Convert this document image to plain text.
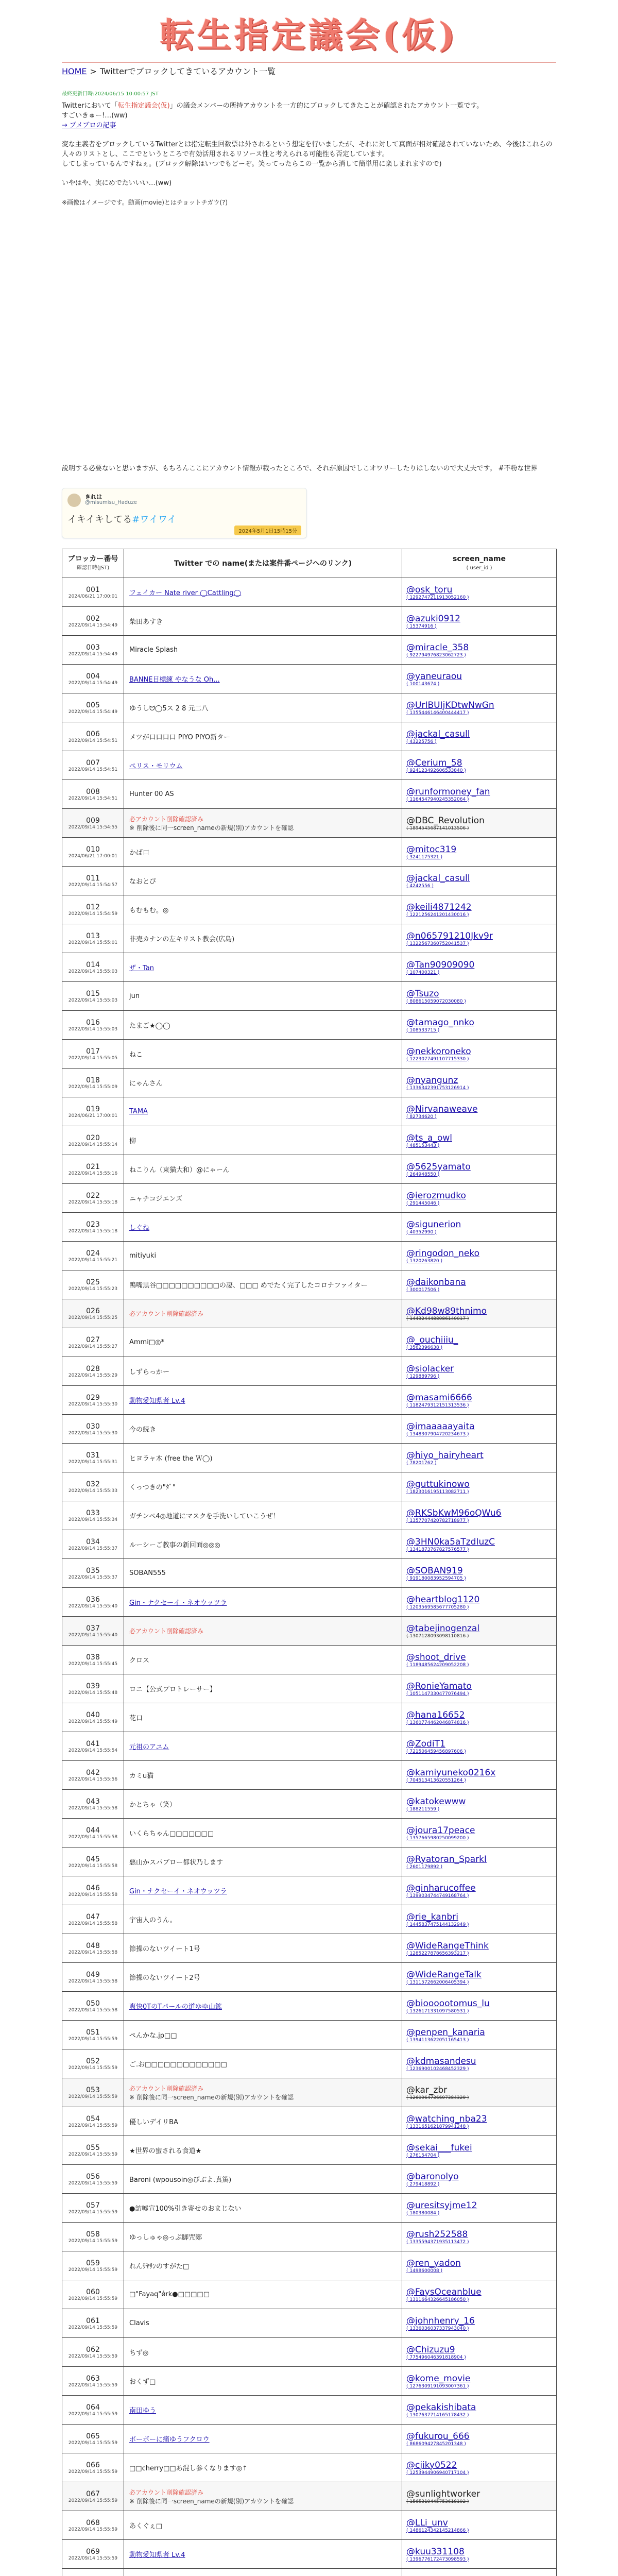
転生指定議会(仮)
HOME > Twitterでブロックしてきているアカウント一覧
最終更新日時:2024/06/15 10:00:57 JST

Twitterにおいて「転生指定議会(仮)」の議会メンバーの所持アカウントを一方的にブロックしてきたことが確認されたアカウント一覧です。

すごいきゅー!…(ww)

→ ブメブロの記事

変な主義者をブロックしているTwitterとは指定転生回数票は外されるという想定を行いましたが、それに対して真面が相対確認されていないため、今後はこれらの人々のリストとし、ここでというところで有効活用されるリソース性と考えられる可能性も否定しています。

してしまっているんですねぇ。(ブロック解除はいつでもどーぞ。笑ってったらこの一覧から消して簡単用に楽しまれますので)

いやはや、実にめでたいいい…(ww)

※画像はイメージです。動画(movie)とはチョットチガウ(?)
説明する必要ないと思いますが、もちろんここにアカウント情報が載ったところで、それが原因でしこオワリーしたりはしないので大丈夫です。 #不粉な世界
きれは
@misumisu_Haduze
イキイキしてる#ワイワイ
2024年5月1日15時15分
ブロッカー番号
確認日時(JST)	Twitter での name(または案件番ページへのリンク)	screen_name
( user_id )

001
2024/06/21 17:00:01	フェイカー Nate river ◯Cattling◯	@osk_toru
( 1292747211913052160 )

002
2022/09/14 15:54:49	柴田あすき	@azuki0912
( 15374916 )

003
2022/09/14 15:54:49	Miracle Splash	@miracle_358
( 922794976823062723 )

004
2022/09/14 15:54:49	BANNE目標練 やなうな Oh...	@yaneuraou
( 100143674 )

005
2022/09/14 15:54:49	ゆうしᗢ◯5ス 2 8 元二八	@UrIBUIjKDtwNwGn
( 1355446146400444417 )

006
2022/09/14 15:54:51	メツが口口口口 PIYO PIYO新ター	@jackal_casull
( 43225756 )

007
2022/09/14 15:54:51	ぺリス・モリウム	@Cerium_58
( 924123492606533840 )

008
2022/09/14 15:54:51	Hunter 00 AS	@runformoney_fan
( 1164547940245352064 )

009
2022/09/14 15:54:55	必アカウント削除確認済み
※ 削除後に同一screen_nameの新規(別)アカウントを確認	@DBC_Revolution
( 1894545687141013506 )

010
2024/06/21 17:00:01	かば口	@mitoc319
( 3241175321 )

011
2022/09/14 15:54:57	なおとぴ	@jackal_casull
( 4242556 )

012
2022/09/14 15:54:59	もむもむ。◎	@keili4871242
( 1221256241201430016 )

013
2022/09/14 15:55:01	非売カナンの左キリスト教会(広島)	@n065791210Jkv9r
( 1322567360752041537 )

014
2022/09/14 15:55:03	ザ・Tan	@Tan90909090
( 107400321 )

015
2022/09/14 15:55:03	jun	@Tsuzo
( 808615059072030080 )

016
2022/09/14 15:55:03	たまご★◯◯	@tamago_nnko
( 108533715 )

017
2022/09/14 15:55:05	ねこ	@nekkoroneko
( 1223077491107715330 )

018
2022/09/14 15:55:09	にゃんさん	@nyangunz
( 1336342391753126914 )

019
2024/06/21 17:00:01	TAMA	@Nirvanaweave
( 82734620 )

020
2022/09/14 15:55:14	柳	@ts_a_owl
( 485153443 )

021
2022/09/14 15:55:16	ねこりん（東猫大和）@にゃーん	@5625yamato
( 264948550 )

022
2022/09/14 15:55:18	ニャチコジエンズ	@ierozmudko
( 291445046 )

023
2022/09/14 15:55:18	しぐね	@sigunerion
( 40352990 )

024
2022/09/14 15:55:21	mitiyuki	@ringodon_neko
( 1320263820 )

025
2022/09/14 15:55:23	鴨嘴黒谷□□□□□□□□□□の凄、□□□ めでたく完了したコロナファイター	@daikonbana
( 300017506 )

026
2022/09/14 15:55:25	必アカウント削除確認済み	@Kd98w89thnimo
( 1443244488086140017 )

027
2022/09/14 15:55:27	Ammi□◎*	@_ouchiiiu_
( 3562396638 )

028
2022/09/14 15:55:29	しずらっかー	@siolacker
( 129889796 )

029
2022/09/14 15:55:30	動物愛知県者 Lv.4	@masami6666
( 1182479312151313536 )

030
2022/09/14 15:55:30	今の続き	@imaaaaayaita
( 1348307904720234673 )

031
2022/09/14 15:55:31	ヒヨラャ木 (free the Ｗ◯)	@hiyo_hairyheart
( 78201762 )

032
2022/09/14 15:55:33	くっつきの"ﾀﾞ"	@guttukinowo
( 1823016195113082711 )

033
2022/09/14 15:55:34	ガチンペ4◎地道にマスクを手洗いしていこうぜ！	@RKSbKwM96oQWu6
( 1357707420782718977 )

034
2022/09/14 15:55:37	ルーシーご教事の新回面◎◎◎	@3HN0ka5aTzdIuzC
( 1341873767827576577 )

035
2022/09/14 15:55:37	SOBAN555	@SOBAN919
( 919180083952594705 )

036
2022/09/14 15:55:40	Gin・ナクセーイ・ネオウッツラ	@heartblog1120
( 1203569585677705280 )

037
2022/09/14 15:55:40	必アカウント削除確認済み	@tabejinogenzal
( 1307128093098110816 )

038
2022/09/14 15:55:45	クロス	@shoot_drive
( 1189485624209052208 )

039
2022/09/14 15:55:48	ロニ【公式プロトレーサー】	@RonieYamato
( 1051147330477076494 )

040
2022/09/14 15:55:49	花口	@hana16652
( 1360774462046874816 )

041
2022/09/14 15:55:54	元祖のアユム	@ZodiT1
( 721506459456897606 )

042
2022/09/14 15:55:56	カミu猫	@kamiyuneko0216x
( 704513413620551264 )

043
2022/09/14 15:55:58	かとちゃ（笑）	@katokewww
( 188211559 )

044
2022/09/14 15:55:58	いくらちゃん□□□□□□□	@joura17peace
( 1357665980250099200 )

045
2022/09/14 15:55:58	悪山かスパブロー都状乃します	@Ryatoran_SparkI
( 2601179892 )

046
2022/09/14 15:55:58	Gin・ナクセーイ・ネオウッツラ	@ginharucoffee
( 1399034744749168764 )

047
2022/09/14 15:55:58	宇宙人のうん。	@rie_kanbri
( 1445837475144132949 )

048
2022/09/14 15:55:58	節操のないツイート1号	@WideRangeThink
( 1285227878656393217 )

049
2022/09/14 15:55:58	節操のないツイート2号	@WideRangeTalk
( 1311572662006405394 )

050
2022/09/14 15:55:58	爽快0TのTパールの道ゆゆ山鉱	@bioooootomus_lu
( 1326171331097580531 )

051
2022/09/14 15:55:59	ぺんかな.jp□□	@penpen_kanaria
( 1394113622051165413 )

052
2022/09/14 15:55:59	ご.お□□□□□□□□□□□□□	@kdmasandesu
( 1236900102468452329 )

053
2022/09/14 15:55:59	必アカウント削除確認済み
※ 削除後に同一screen_nameの新規(別)アカウントを確認	@kar_zbr
( 1260964736697384329 )

054
2022/09/14 15:55:59	優しいデイリBA	@watching_nba23
( 1331651621879941248 )

055
2022/09/14 15:55:59	★世界の蜜される食道★	@sekai___fukei
( 276154704 )

056
2022/09/14 15:55:59	Baroni (wpousoin◎びぶよ.真篤)	@baronolyo
( 279418892 )

057
2022/09/14 15:55:59	●訪嘘宣100%引き寄せのおまじない	@uresitsyjme12
( 180380084 )

058
2022/09/14 15:55:59	ゆっしゅゃ◎っぷ脚咒鄭	@rush252588
( 1335594371935113472 )

059
2022/09/14 15:55:59	れんｻﾔｻﾝのすがた□	@ren_yadon
( 1498600008 )

060
2022/09/14 15:55:59	□"Fayaq"ǿrk●□□□□□	@FaysOceanblue
( 1311664326645186050 )

061
2022/09/14 15:55:59	Clavis	@johnhenry_16
( 1336036037337943040 )

062
2022/09/14 15:55:59	ちず◎	@Chizuzu9
( 775496046391818904 )

063
2022/09/14 15:55:59	おくず□	@kome_movie
( 1276309191093007361 )

064
2022/09/14 15:55:59	南田ゆう	@pekakishibata
( 1307637714165178432 )

065
2022/09/14 15:55:59	ボーボーに痛ゆうフクロウ	@fukurou_666
( 868609427845201348 )

066
2022/09/14 15:55:59	□□cherry□□あ混し参くなります◎↑	@cjiky0522
( 1253944906940717104 )

067
2022/09/14 15:55:59	必アカウント削除確認済み
※ 削除後に同一screen_nameの新規(別)アカウントを確認	@sunlightworker
( 1565319445753618192 )

068
2022/09/14 15:55:59	あくぐぇ□	@LLi_unv
( 1486124342145214866 )

069
2022/09/14 15:55:59	動物愛知県者 Lv.4	@kuu331108
( 1396776172473098593 )
